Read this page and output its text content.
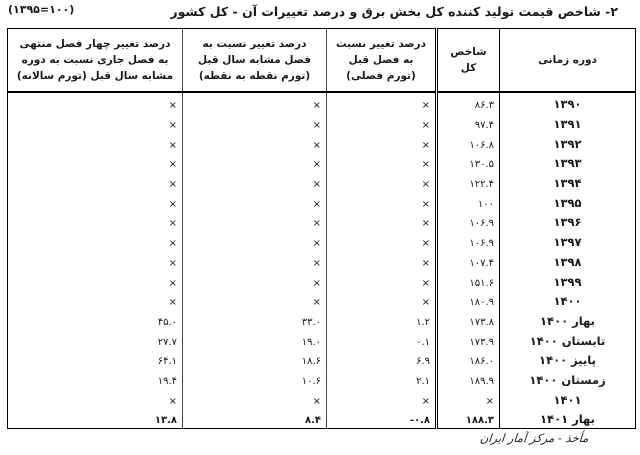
(۱۳۹۵=۱۰۰)	۲- شاخص قیمت تولید کننده کل بخش برق و درصد تغییرات آن - کل کشور
دوره زمانی	شاخص کل	درصد تغییر نسبت به فصل قبل (تورم فصلی)	درصد تغییر نسبت به فصل مشابه سال قبل (تورم نقطه به نقطه)	درصد تغییر چهار فصل منتهی به فصل جاری نسبت به دوره مشابه سال قبل (تورم سالانه)
۱۳۹۰	۸۶.۳	×	×	×
۱۳۹۱	۹۷.۴	×	×	×
۱۳۹۲	۱۰۶.۸	×	×	×
۱۳۹۳	۱۳۰.۵	×	×	×
۱۳۹۴	۱۲۲.۴	×	×	×
۱۳۹۵	۱۰۰	×	×	×
۱۳۹۶	۱۰۶.۹	×	×	×
۱۳۹۷	۱۰۶.۹	×	×	×
۱۳۹۸	۱۰۷.۴	×	×	×
۱۳۹۹	۱۵۱.۶	×	×	×
۱۴۰۰	۱۸۰.۹	×	×	×
بهار ۱۴۰۰	۱۷۳.۸	۱.۲	۳۳.۰	۴۵.۰
تابستان ۱۴۰۰	۱۷۳.۹	۰.۱	۱۹.۰	۲۷.۷
پاییز ۱۴۰۰	۱۸۶.۰	۶.۹	۱۸.۶	۶۴.۱
زمستان ۱۴۰۰	۱۸۹.۹	۲.۱	۱۰.۶	۱۹.۴
۱۴۰۱	×	×	×	×
بهار ۱۴۰۱	۱۸۸.۳	-۰.۸	۸.۴	۱۳.۸
مأخذ - مرکز آمار ایران
